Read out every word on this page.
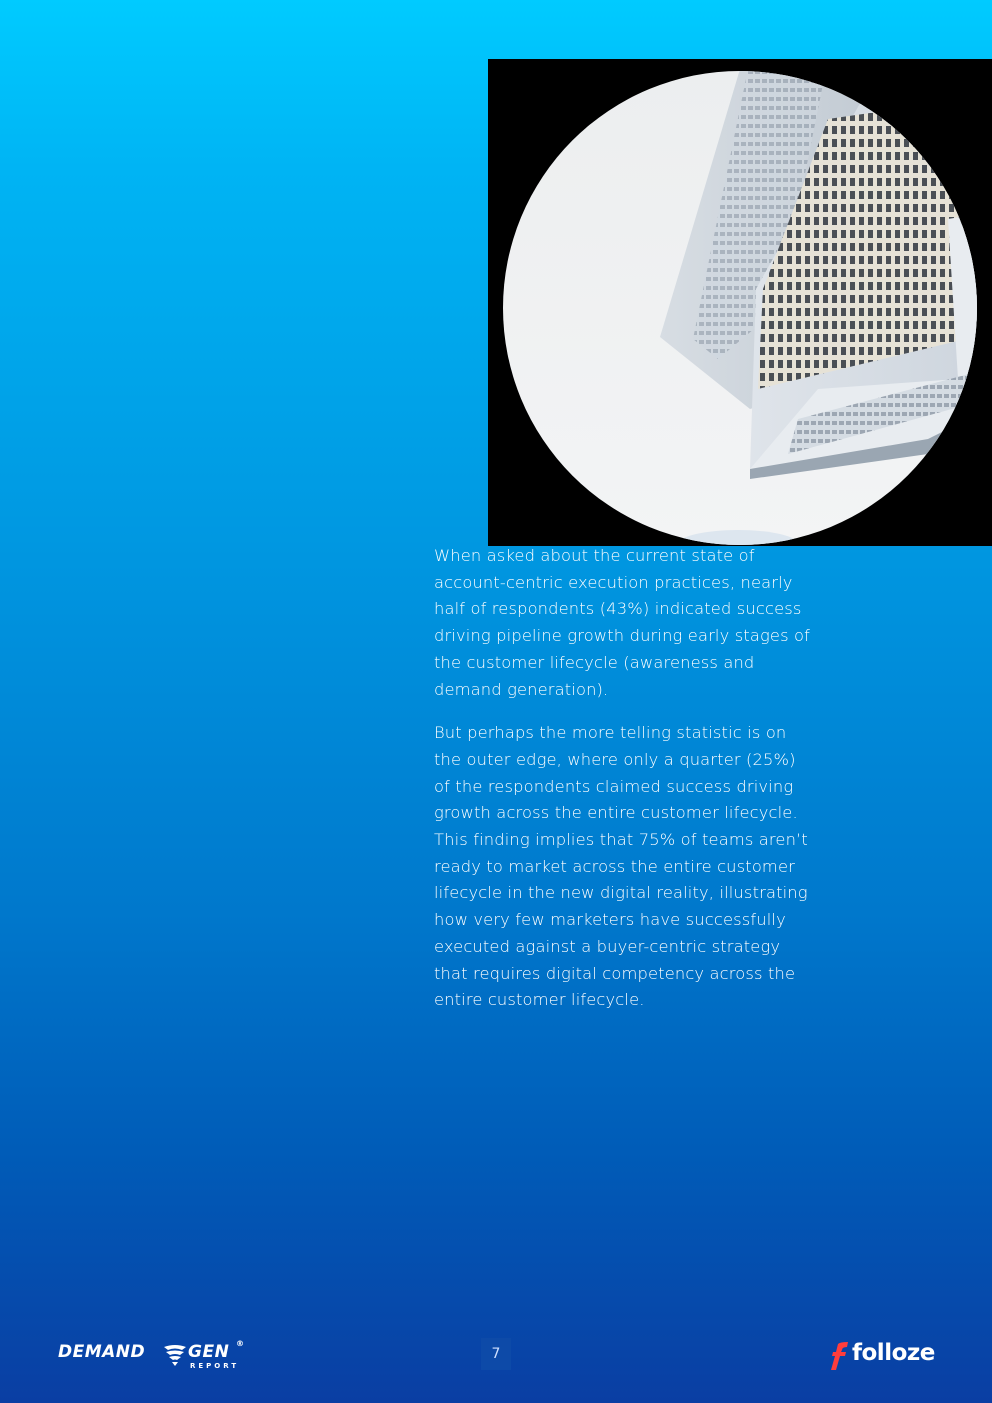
When asked about the current state of account-centric execution practices, nearly half of respondents (43%) indicated success driving pipeline growth during early stages of the customer lifecycle (awareness and demand generation).

But perhaps the more telling statistic is on the outer edge, where only a quarter (25%) of the respondents claimed success driving growth across the entire customer lifecycle. This finding implies that 75% of teams aren’t ready to market across the entire customer lifecycle in the new digital reality, illustrating how very few marketers have successfully executed against a buyer-centric strategy that requires digital competency across the entire customer lifecycle.

DEMAND	GEN ®
REPORT
7	folloze
